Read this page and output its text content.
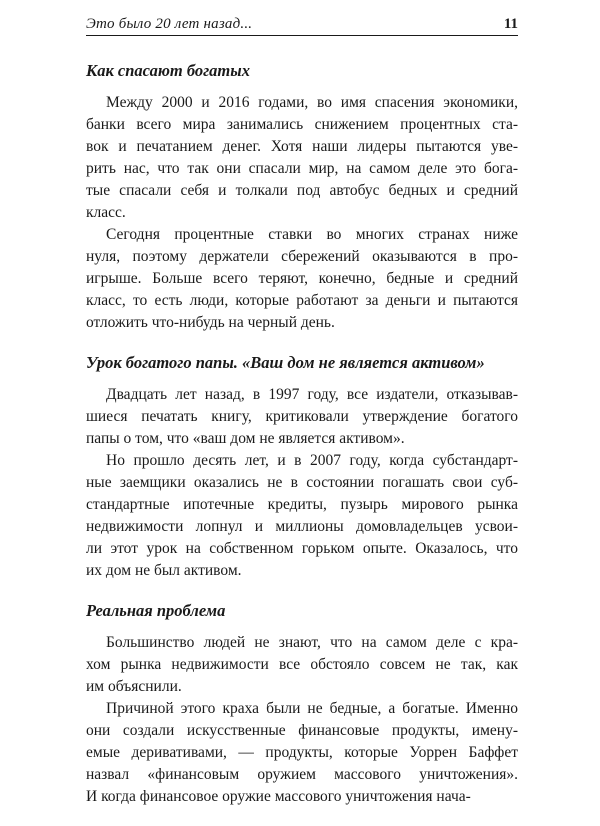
Это было 20 лет назад...	11
Как спасают богатых
Между 2000 и 2016 годами, во имя спасения экономики,
банки всего мира занимались снижением процентных ста-
вок и печатанием денег. Хотя наши лидеры пытаются уве-
рить нас, что так они спасали мир, на самом деле это бога-
тые спасали себя и толкали под автобус бедных и средний
класс.
Сегодня процентные ставки во многих странах ниже
нуля, поэтому держатели сбережений оказываются в про-
игрыше. Больше всего теряют, конечно, бедные и средний
класс, то есть люди, которые работают за деньги и пытаются
отложить что-нибудь на черный день.
Урок богатого папы. «Ваш дом не является активом»
Двадцать лет назад, в 1997 году, все издатели, отказывав-
шиеся печатать книгу, критиковали утверждение богатого
папы о том, что «ваш дом не является активом».
Но прошло десять лет, и в 2007 году, когда субстандарт-
ные заемщики оказались не в состоянии погашать свои суб-
стандартные ипотечные кредиты, пузырь мирового рынка
недвижимости лопнул и миллионы домовладельцев усвои-
ли этот урок на собственном горьком опыте. Оказалось, что
их дом не был активом.
Реальная проблема
Большинство людей не знают, что на самом деле с кра-
хом рынка недвижимости все обстояло совсем не так, как
им объяснили.
Причиной этого краха были не бедные, а богатые. Именно
они создали искусственные финансовые продукты, имену-
емые деривативами, — продукты, которые Уоррен Баффет
назвал «финансовым оружием массового уничтожения».
И когда финансовое оружие массового уничтожения нача-
